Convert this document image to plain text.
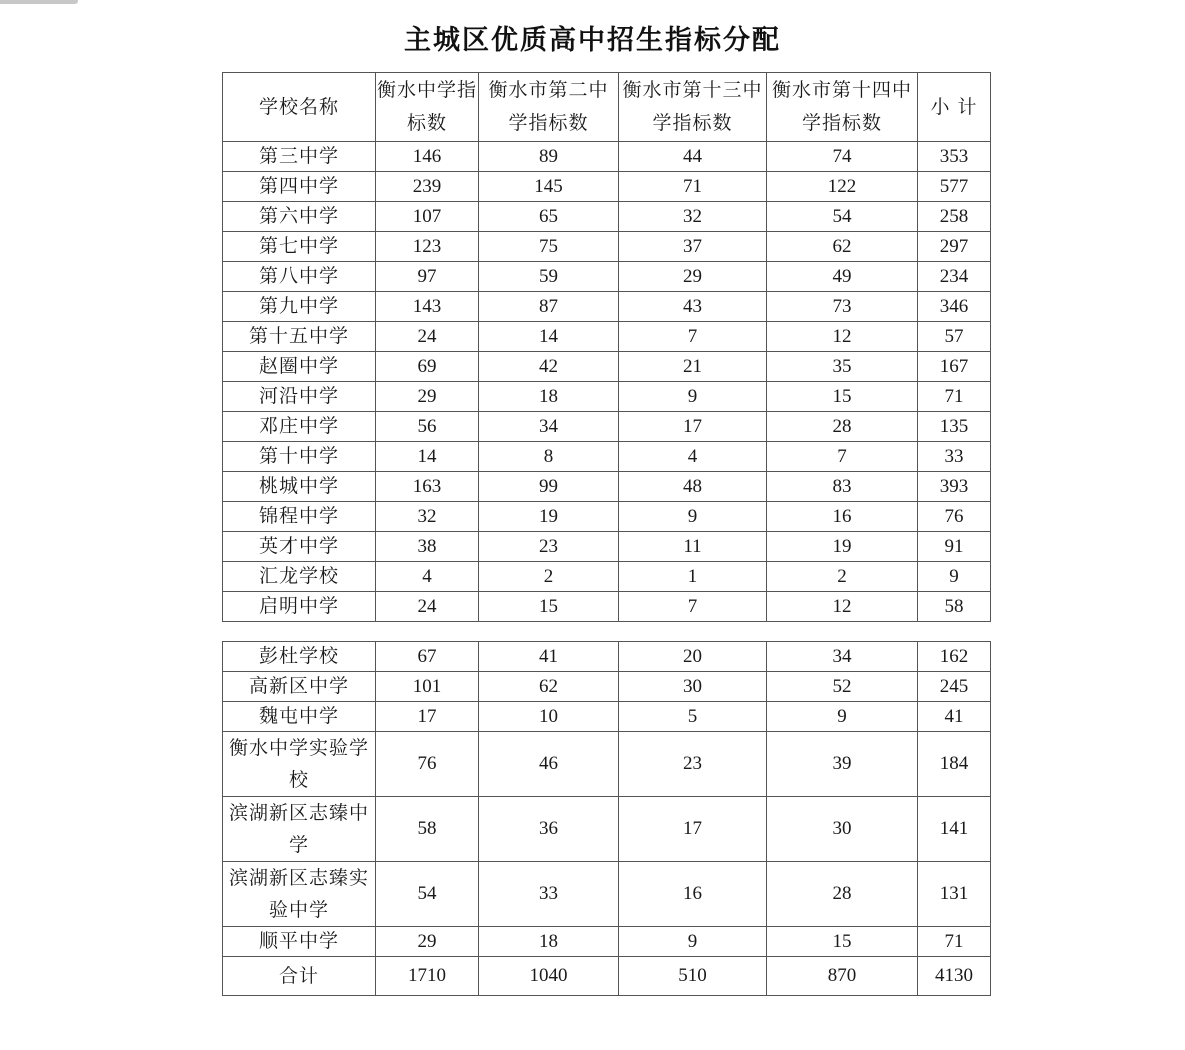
主城区优质高中招生指标分配
学校名称	衡水中学指标数	衡水市第二中学指标数	衡水市第十三中学指标数	衡水市第十四中学指标数	小 计
第三中学	146	89	44	74	353
第四中学	239	145	71	122	577
第六中学	107	65	32	54	258
第七中学	123	75	37	62	297
第八中学	97	59	29	49	234
第九中学	143	87	43	73	346
第十五中学	24	14	7	12	57
赵圈中学	69	42	21	35	167
河沿中学	29	18	9	15	71
邓庄中学	56	34	17	28	135
第十中学	14	8	4	7	33
桃城中学	163	99	48	83	393
锦程中学	32	19	9	16	76
英才中学	38	23	11	19	91
汇龙学校	4	2	1	2	9
启明中学	24	15	7	12	58
彭杜学校	67	41	20	34	162
高新区中学	101	62	30	52	245
魏屯中学	17	10	5	9	41
衡水中学实验学校	76	46	23	39	184
滨湖新区志臻中学	58	36	17	30	141
滨湖新区志臻实验中学	54	33	16	28	131
顺平中学	29	18	9	15	71
合计	1710	1040	510	870	4130
